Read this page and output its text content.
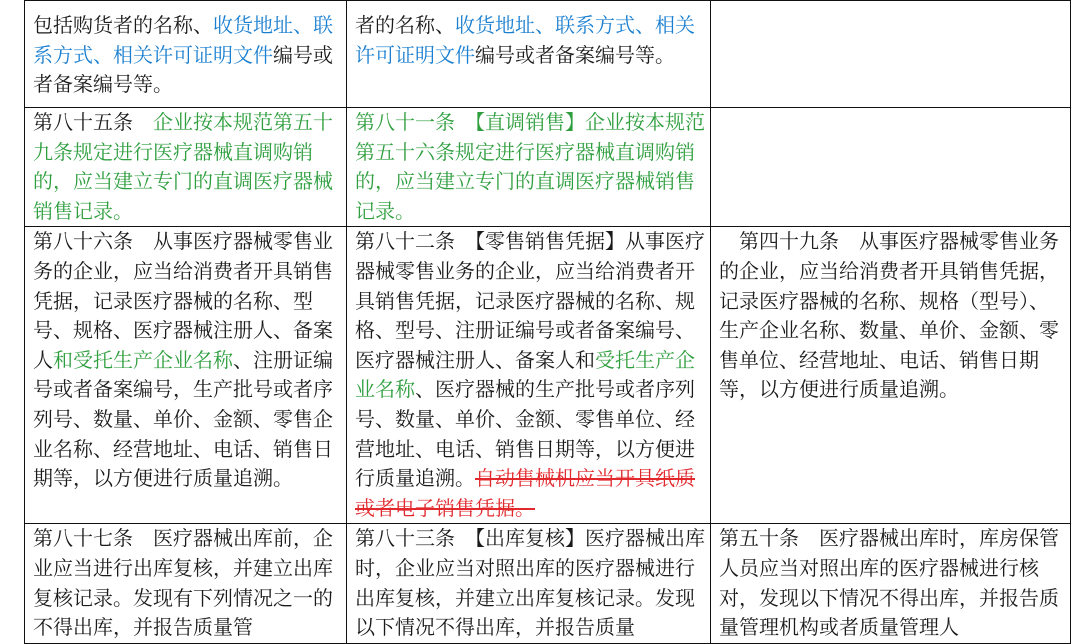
包括购货者的名称、收货地址、联系方式、相关许可证明文件编号或者备案编号等。	者的名称、收货地址、联系方式、相关许可证明文件编号或者备案编号等。	
第八十五条　企业按本规范第五十九条规定进行医疗器械直调购销的，应当建立专门的直调医疗器械销售记录。	第八十一条　【直调销售】企业按本规范第五十六条规定进行医疗器械直调购销的，应当建立专门的直调医疗器械销售记录。	
第八十六条　从事医疗器械零售业务的企业，应当给消费者开具销售凭据，记录医疗器械的名称、型号、规格、医疗器械注册人、备案人和受托生产企业名称、注册证编号或者备案编号，生产批号或者序列号、数量、单价、金额、零售企业名称、经营地址、电话、销售日期等，以方便进行质量追溯。	第八十二条　【零售销售凭据】从事医疗器械零售业务的企业，应当给消费者开具销售凭据，记录医疗器械的名称、规格、型号、注册证编号或者备案编号、医疗器械注册人、备案人和受托生产企业名称、医疗器械的生产批号或者序列号、数量、单价、金额、零售单位、经营地址、电话、销售日期等，以方便进行质量追溯。自动售械机应当开具纸质或者电子销售凭据。	　第四十九条　从事医疗器械零售业务的企业，应当给消费者开具销售凭据，记录医疗器械的名称、规格（型号）、生产企业名称、数量、单价、金额、零售单位、经营地址、电话、销售日期等，以方便进行质量追溯。
第八十七条　医疗器械出库前，企业应当进行出库复核，并建立出库复核记录。发现有下列情况之一的不得出库，并报告质量管	第八十三条　【出库复核】医疗器械出库时，企业应当对照出库的医疗器械进行出库复核，并建立出库复核记录。发现以下情况不得出库，并报告质量	第五十条　医疗器械出库时，库房保管人员应当对照出库的医疗器械进行核对，发现以下情况不得出库，并报告质量管理机构或者质量管理人
